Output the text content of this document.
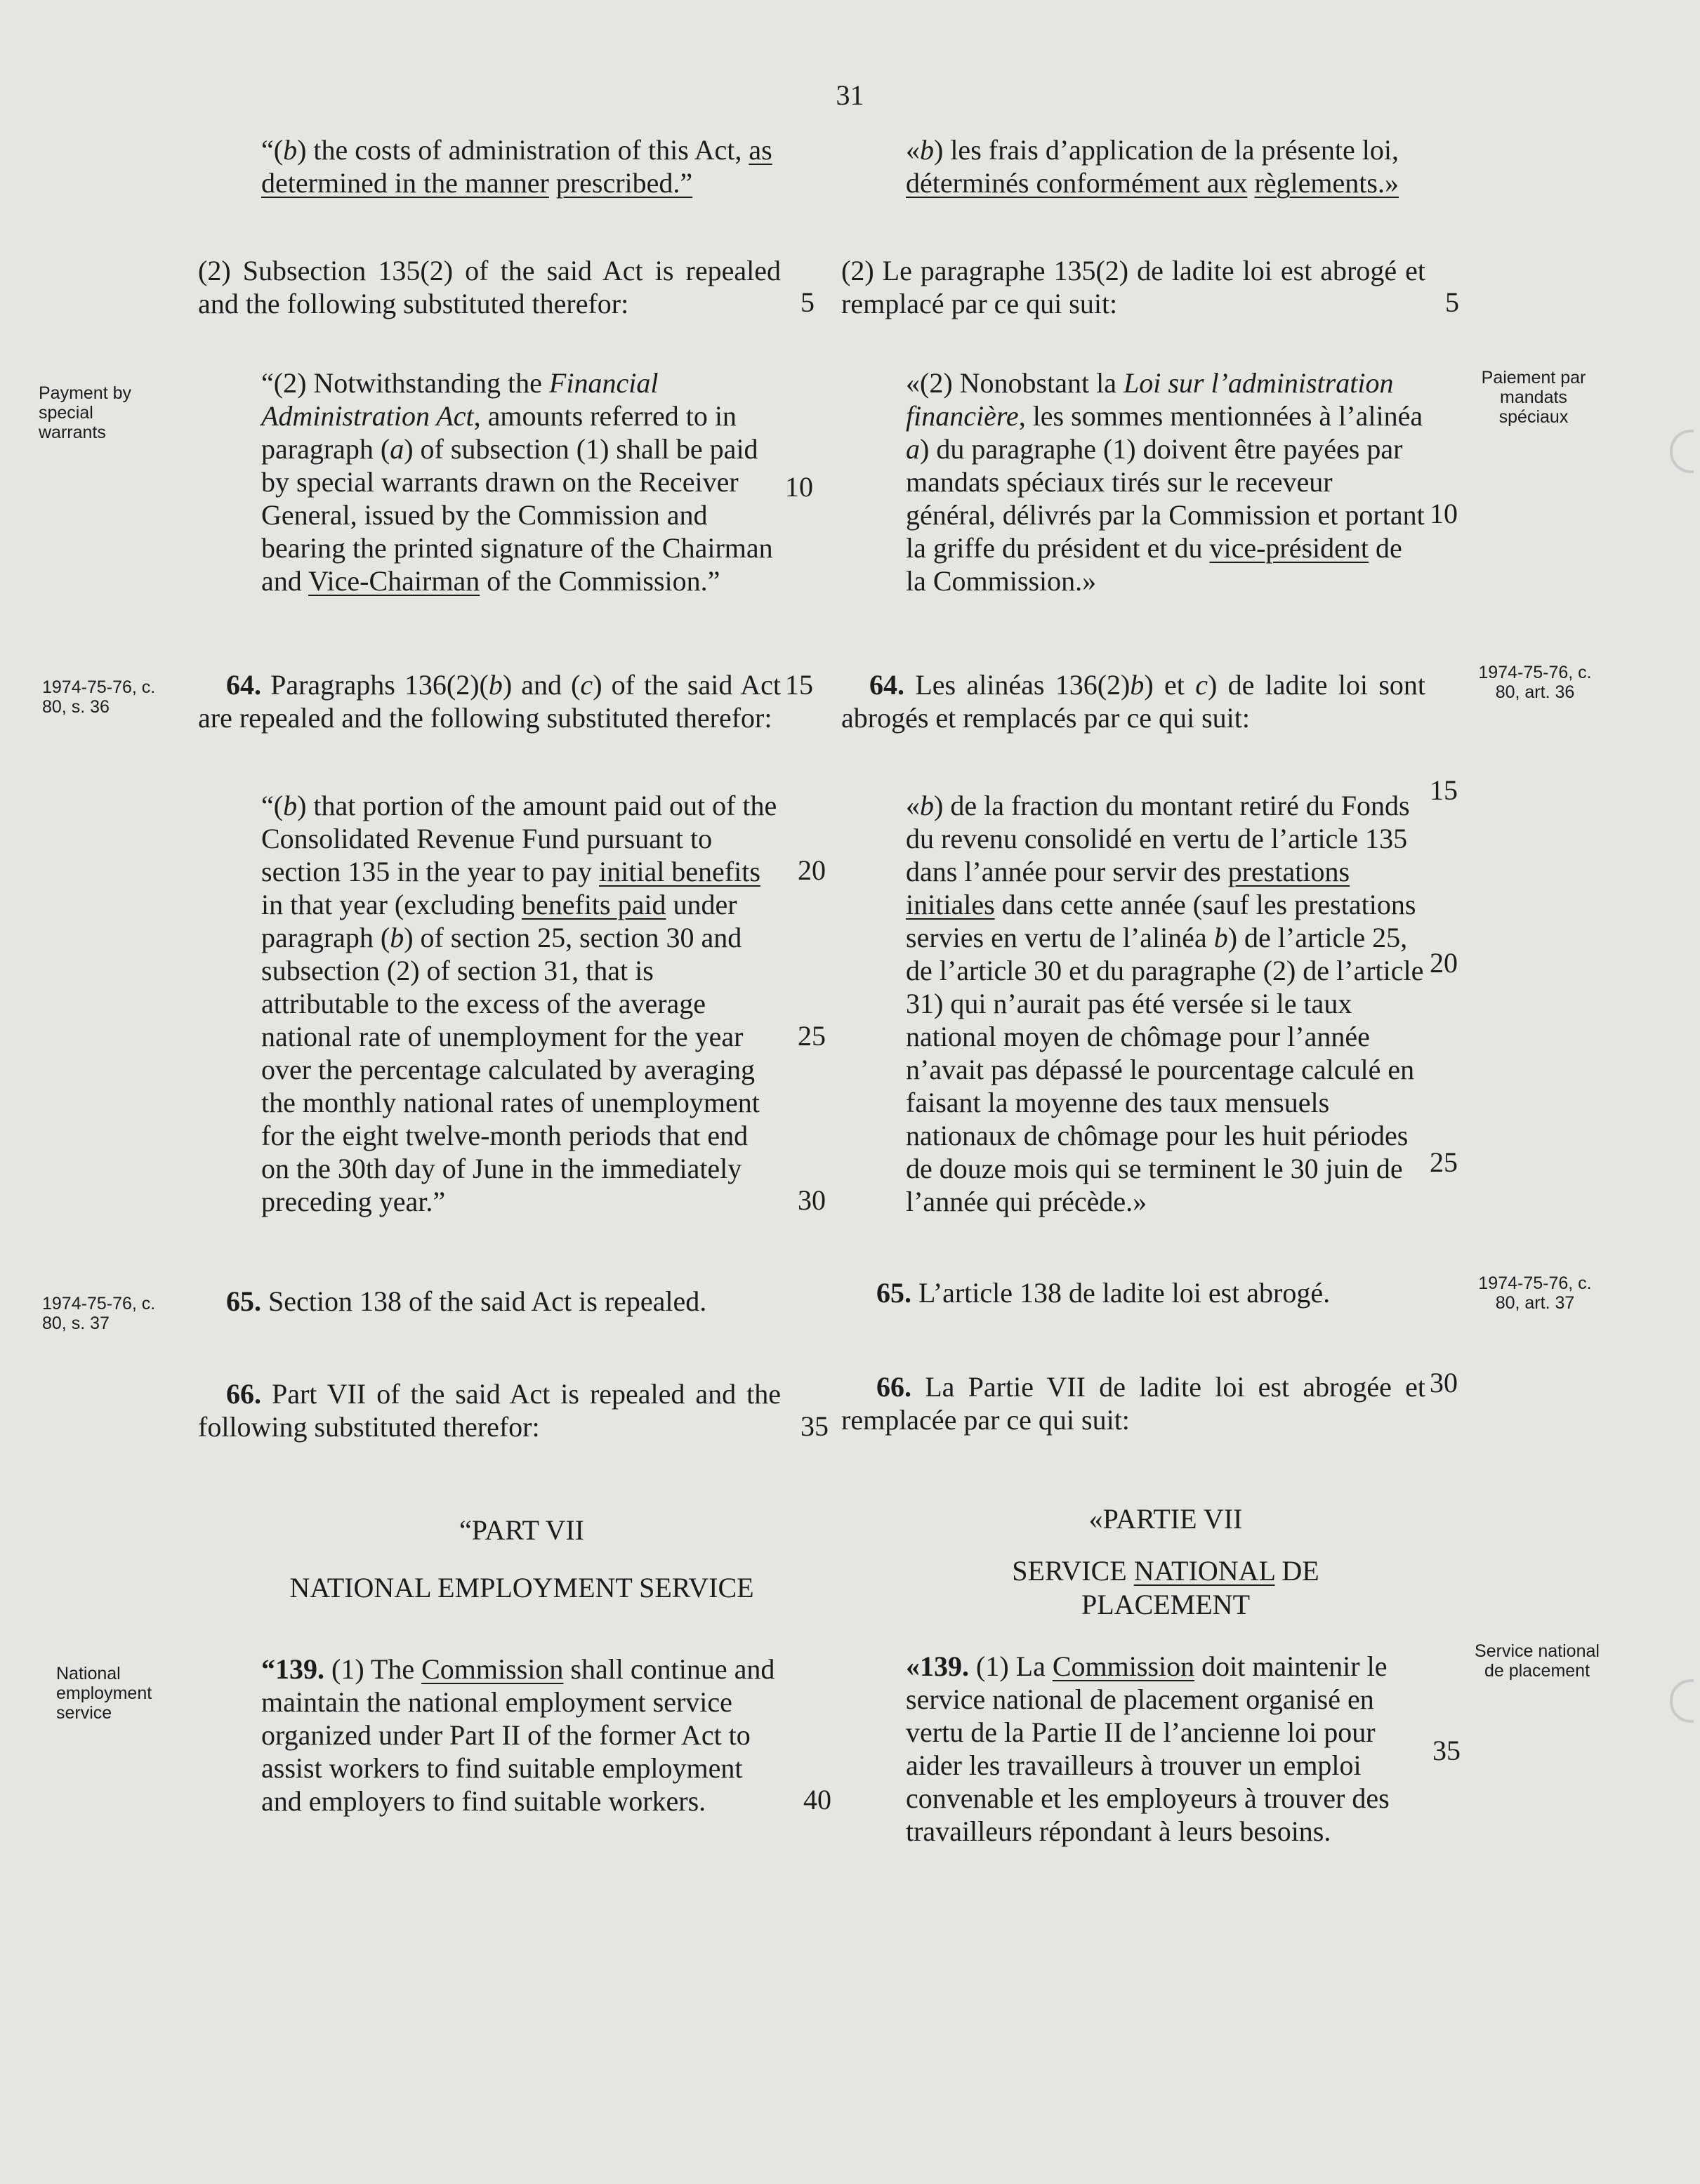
31
“(b) the costs of administration of this Act, as determined in the manner prescribed.”
(2) Subsection 135(2) of the said Act is repealed and the following substituted therefor:
“(2) Notwithstanding the Financial Administration Act, amounts referred to in paragraph (a) of subsection (1) shall be paid by special warrants drawn on the Receiver General, issued by the Commission and bearing the printed signature of the Chairman and Vice-Chairman of the Commission.”
64. Paragraphs 136(2)(b) and (c) of the said Act are repealed and the following substituted therefor:
“(b) that portion of the amount paid out of the Consolidated Revenue Fund pursuant to section 135 in the year to pay initial benefits in that year (excluding benefits paid under paragraph (b) of section 25, section 30 and subsection (2) of section 31, that is attributable to the excess of the average national rate of unemployment for the year over the percentage calculated by averaging the monthly national rates of unemployment for the eight twelve-month periods that end on the 30th day of June in the immediately preceding year.”
65. Section 138 of the said Act is repealed.
66. Part VII of the said Act is repealed and the following substituted therefor:
“PART VII
NATIONAL EMPLOYMENT SERVICE
“139. (1) The Commission shall continue and maintain the national employment service organized under Part II of the former Act to assist workers to find suitable employment and employers to find suitable workers.
«b) les frais d’application de la présente loi, déterminés conformément aux règlements.»
(2) Le paragraphe 135(2) de ladite loi est abrogé et remplacé par ce qui suit:
«(2) Nonobstant la Loi sur l’administration financière, les sommes mentionnées à l’alinéa a) du paragraphe (1) doivent être payées par mandats spéciaux tirés sur le receveur général, délivrés par la Commission et portant la griffe du président et du vice-président de la Commission.»
64. Les alinéas 136(2)b) et c) de ladite loi sont abrogés et remplacés par ce qui suit:
«b) de la fraction du montant retiré du Fonds du revenu consolidé en vertu de l’article 135 dans l’année pour servir des prestations initiales dans cette année (sauf les prestations servies en vertu de l’alinéa b) de l’article 25, de l’article 30 et du paragraphe (2) de l’article 31) qui n’aurait pas été versée si le taux national moyen de chômage pour l’année n’avait pas dépassé le pourcentage calculé en faisant la moyenne des taux mensuels nationaux de chômage pour les huit périodes de douze mois qui se terminent le 30 juin de l’année qui précède.»
65. L’article 138 de ladite loi est abrogé.
66. La Partie VII de ladite loi est abrogée et remplacée par ce qui suit:
«PARTIE VII
SERVICE NATIONAL DE PLACEMENT
«139. (1) La Commission doit maintenir le service national de placement organisé en vertu de la Partie II de l’ancienne loi pour aider les travailleurs à trouver un emploi convenable et les employeurs à trouver des travailleurs répondant à leurs besoins.
Payment by special warrants
1974-75-76, c. 80, s. 36
1974-75-76, c. 80, s. 37
National employment service
Paiement par mandats spéciaux
1974-75-76, c. 80, art. 36
1974-75-76, c. 80, art. 37
Service national de placement
5
10
15
20
25
30
35
40
5
10
15
20
25
30
35
